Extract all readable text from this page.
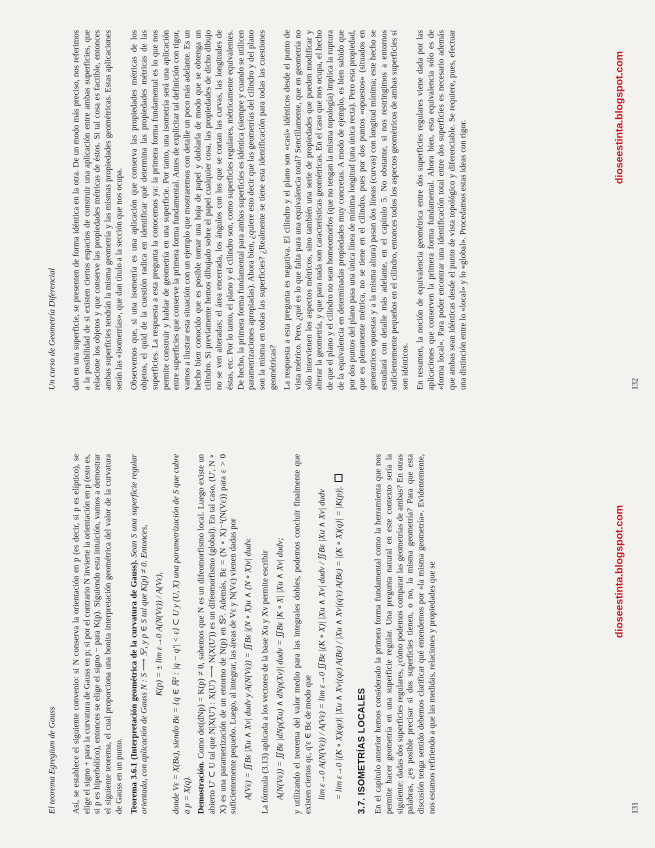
El teorema Egregium de Gauss Así, se establece el siguiente convenio: si N conserva la orientación en p (es decir, si p es elíptico), se elige el signo + para la curvatura de Gauss en p; si por el contrario N invierte la orientación en p (esto es, si p es hiperbólico), entonces se elige el signo − para K(p). Siguiendo esta intuición, vamos a demostrar el siguiente teorema, el cual proporciona una bonita interpretación geométrica del valor de la curvatura de Gauss en un punto. Teorema 3.6.1 (Interpretación geométrica de la curvatura de Gauss). Sean S una superficie regular orientada, con aplicación de Gauss N : S ⟶ 𝕊², y p ∈ S tal que K(p) ≠ 0. Entonces, K(p) = ± lim ε→0 A(N(Vε)) / A(Vε), donde Vε = X(Bε), siendo Bε = {q ∈ ℝ² : |q − q'| < ε} ⊂ U y (U, X) una parametrización de S que cubre a p = X(q). Demostración. Como det(dNp) = K(p) ≠ 0, sabemos que N es un difeomorfismo local. Luego existe un abierto U' ⊂ U tal que N|X(U') : X(U') ⟶ N(X(U')) es un difeomorfismo (global). En tal caso, (U', N ∘ X) es una parametrización de un entorno de N(p) en 𝕊². Además, Bε = (N ∘ X)⁻¹(N(Vε)) para ε > 0 suficientemente pequeño. Luego, al integrar, las áreas de Vε y N(Vε) vienen dadas por A(Vε) = ∬Bε |Xu ∧ Xv| dudv y A(N(Vε)) = ∬Bε |(N ∘ X)u ∧ (N ∘ X)v| dudv. La fórmula (3.13) aplicada a los vectores de la base Xu y Xv permite escribir A(N(Vε)) = ∬Bε |dNp(Xu) ∧ dNp(Xv)| dudv = ∬Bε |K ∘ X| |Xu ∧ Xv| dudv; y utilizando el teorema del valor medio para las integrales dobles, podemos concluir finalmente que existen ciertos qε, q'ε ∈ Bε de modo que lim ε→0 A(N(Vε)) / A(Vε) = lim ε→0 ∬Bε |(K ∘ X)| |Xu ∧ Xv| dudv / ∬Bε |Xu ∧ Xv| dudv = lim ε→0 |(K ∘ X)(qε)| |Xu ∧ Xv|(qε) A(Bε) / |Xu ∧ Xv|(q'ε) A(Bε) = |(K ∘ X)(q)| = |K(p)|. 3.7. ISOMETRÍAS LOCALES En el capítulo anterior hemos considerado la primera forma fundamental como la herramienta que nos permite hacer geometría en una superficie regular. Una pregunta natural en este contexto sería la siguiente: dadas dos superficies regulares, ¿cómo podemos comparar las geometrías de ambas? En otras palabras, ¿es posible precisar si dos superficies tienen, o no, la misma geometría? Para que esta discusión tenga sentido debemos clarificar qué entendemos por «la misma geometría». Evidentemente, nos estamos refiriendo a que las medidas, relaciones y propiedades que se	dioseestinta.blogspot.com
131
Un curso de Geometría Diferencial dan en una superficie, se presenten de forma idéntica en la otra. De un modo más preciso, nos referimos a la posibilidad de si existen ciertos espacios de construir una aplicación entre ambas superficies, que relacione los objetos y que conserve las propiedades métricas de éstos. Si tal cosa es factible, entonces ambas superficies tendrán la misma geometría y las mismas propiedades geométricas. Estas aplicaciones serán las «isometrías», que dan título a la sección que nos ocupa. Observemos que, si una isometría es una aplicación que conserva las propiedades métricas de los objetos, el quid de la cuestión radica en identificar qué determina las propiedades métricas de las superficies. La respuesta a esta pregunta la conocemos ya: la primera forma fundamental es lo que nos permite construir y hablar de geometría en una superficie. Por tanto, una isometría será una aplicación entre superficies que conserve la primera forma fundamental. Antes de explicitar tal definición con rigor, vamos a ilustrar esta situación con un ejemplo que mostraremos con detalle un poco más adelante. Es un hecho bien conocido que es posible tomar una hoja de papel y doblarla de modo que se obtenga un cilindro. Si previamente hemos dibujado sobre el papel cualquier cosa, las propiedades de dicho dibujo no se ven alteradas; el área encerrada, los ángulos con los que se cortan las curvas, las longitudes de éstas, etc. Por lo tanto, el plano y el cilindro son, como superficies regulares, métricamente equivalentes. De hecho, la primera forma fundamental para ambas superficies es idéntica (siempre y cuando se utilicen parametrizaciones apropiadas). Ahora bien, ¿quiere esto decir que las geometrías del cilindro y del plano son la misma en todas las superficies? ¿Realmente se tiene esta identificación para todas las cuestiones geométricas? La respuesta a esta pregunta es negativa. El cilindro y el plano son «casi» idénticos desde el punto de vista métrico. Pero, ¿qué es lo que falta para una equivalencia total? Sencillamente, que en geometría no sólo intervienen los aspectos métricos, sino también una serie de propiedades que pueden modificar y alterar la geometría, y que para nada son características geométricas. En el caso que nos ocupa, el hecho de que el plano y el cilindro no sean homeomorfos (que no tengan la misma topología) implica la ruptura de la equivalencia en determinadas propiedades muy concretas. A modo de ejemplo, es bien sabido que por dos puntos del plano pasa una única línea de mínima longitud (una única recta). Pero esta propiedad, que es plenamente métrica, no se tiene en el cilindro, pues por dos puntos «opuestos» (situados en generatrices opuestas y a la misma altura) pasan dos líneas (curvas) con longitud mínima; este hecho se estudiará con detalle más adelante, en el capítulo 5. No obstante, si nos restringimos a entornos suficientemente pequeños en el cilindro, entonces todos los aspectos geométricos de ambas superficies sí son idénticos. En resumen, la noción de equivalencia geométrica entre dos superficies regulares viene dada por las aplicaciones que conserven la primera forma fundamental. Ahora bien, esta equivalencia sólo es de «forma local». Para poder encontrar una identificación total entre dos superficies es necesario además que ambas sean idénticas desde el punto de vista topológico y diferenciable. Se requiere, pues, efectuar una distinción entre lo «local» y lo «global». Procedamos estas ideas con rigor.

dioseestinta.blogspot.com
132
